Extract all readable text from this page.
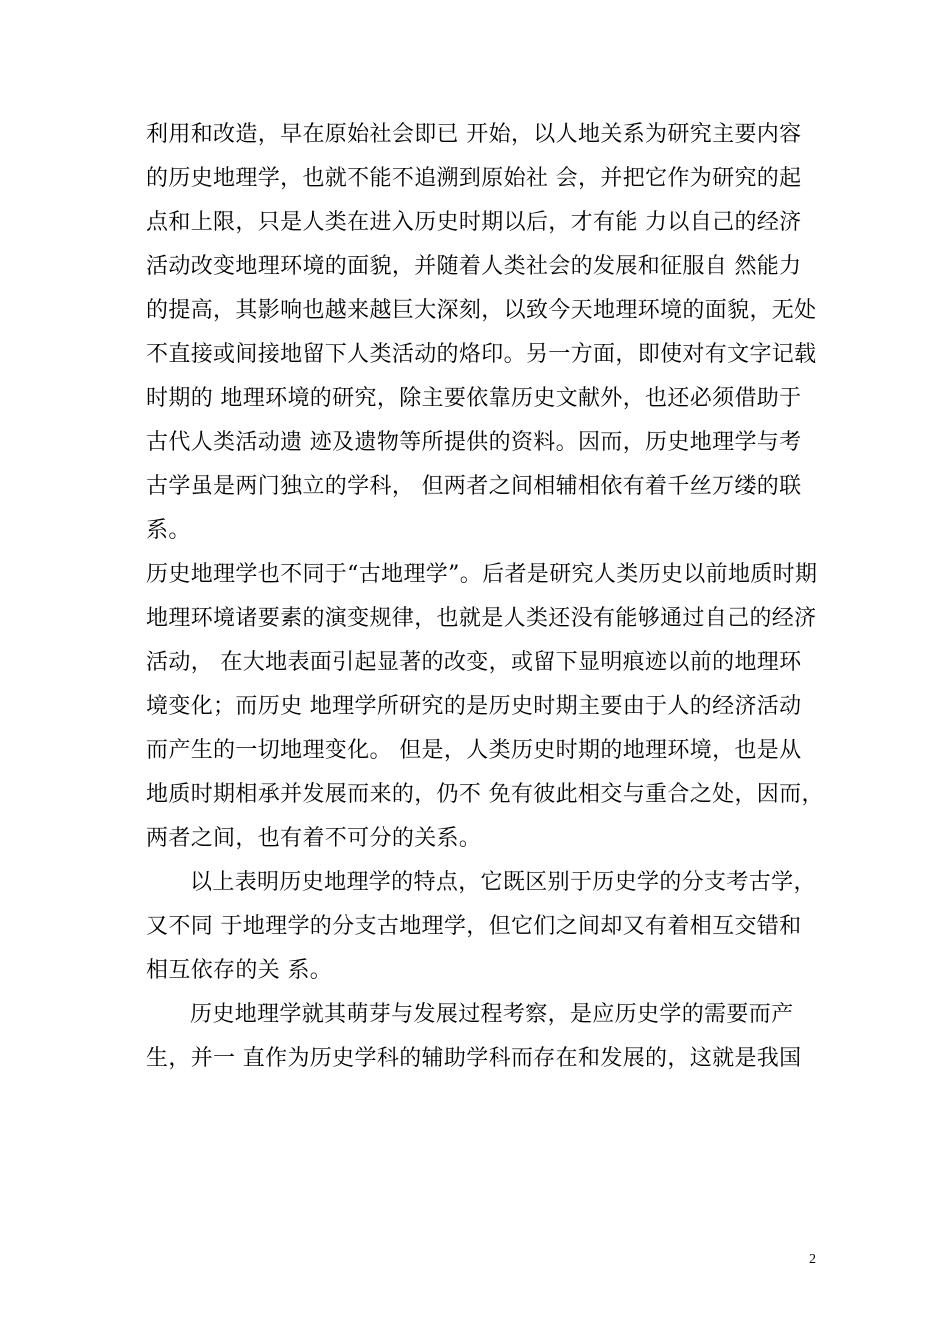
利用和改造，早在原始社会即已 开始，以人地关系为研究主要内容
的历史地理学，也就不能不追溯到原始社 会，并把它作为研究的起
点和上限，只是人类在进入历史时期以后，才有能 力以自己的经济
活动改变地理环境的面貌，并随着人类社会的发展和征服自 然能力
的提高，其影响也越来越巨大深刻，以致今天地理环境的面貌，无处
不直接或间接地留下人类活动的烙印。另一方面，即使对有文字记载
时期的 地理环境的研究，除主要依靠历史文献外，也还必须借助于
古代人类活动遗 迹及遗物等所提供的资料。因而，历史地理学与考
古学虽是两门独立的学科， 但两者之间相辅相依有着千丝万缕的联
系。
历史地理学也不同于“古地理学”。后者是研究人类历史以前地质时期
地理环境诸要素的演变规律，也就是人类还没有能够通过自己的经济
活动， 在大地表面引起显著的改变，或留下显明痕迹以前的地理环
境变化；而历史 地理学所研究的是历史时期主要由于人的经济活动
而产生的一切地理变化。 但是，人类历史时期的地理环境，也是从
地质时期相承并发展而来的，仍不 免有彼此相交与重合之处，因而，
两者之间，也有着不可分的关系。
以上表明历史地理学的特点，它既区别于历史学的分支考古学，
又不同 于地理学的分支古地理学，但它们之间却又有着相互交错和
相互依存的关 系。
历史地理学就其萌芽与发展过程考察，是应历史学的需要而产
生，并一 直作为历史学科的辅助学科而存在和发展的，这就是我国
2
